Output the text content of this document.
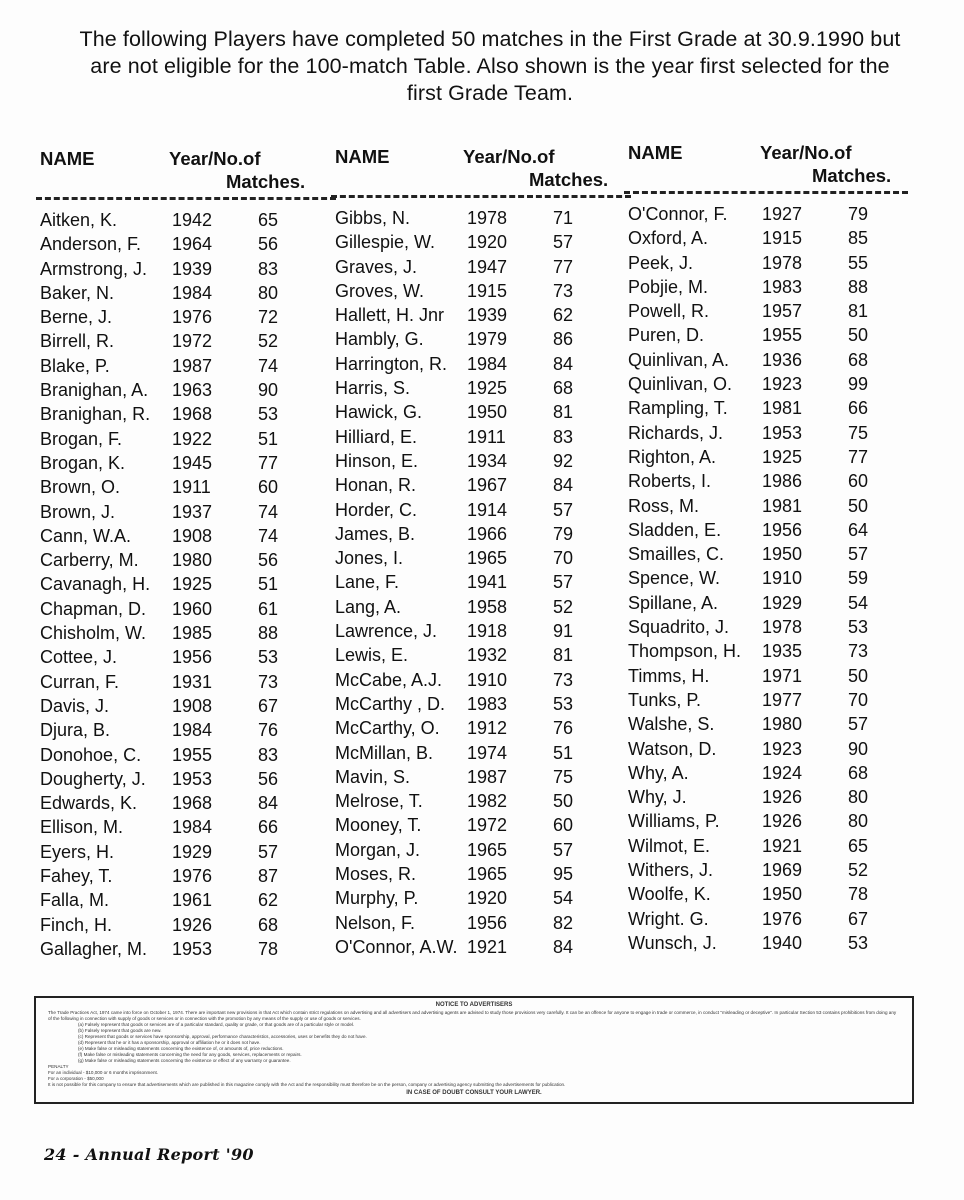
The following Players have completed 50 matches in the First Grade at 30.9.1990 but are not eligible for the 100-match Table. Also shown is the year first selected for the first Grade Team.
NAME	Year/No.of
Matches.
Aitken, K.	1942	65
Anderson, F. 1964	56
Armstrong, J. 1939	83
Baker, N.	1984	80
Berne, J.	1976	72
Birrell, R.	1972	52
Blake, P.	1987	74
Branighan, A. 1963	90
Branighan, R. 1968	53
Brogan, F.	1922	51
Brogan, K.	1945	77
Brown, O.	1911	60
Brown, J.	1937	74
Cann, W.A. 1908	74
Carberry, M. 1980	56
Cavanagh, H. 1925	51
Chapman, D. 1960	61
Chisholm, W. 1985	88
Cottee, J.	1956	53
Curran, F.	1931	73
Davis, J.	1908	67
Djura, B.	1984	76
Donohoe, C. 1955	83
Dougherty, J. 1953	56
Edwards, K. 1968	84
Ellison, M.	1984	66
Eyers, H.	1929	57
Fahey, T.	1976	87
Falla, M.	1961	62
Finch, H.	1926	68
Gallagher, M. 1953	78
NAME	Year/No.of
Matches.
Gibbs, N.	1978	71
Gillespie, W. 1920	57
Graves, J.	1947	77
Groves, W. 1915	73
Hallett, H. Jnr 1939	62
Hambly, G. 1979	86
Harrington, R. 1984	84
Harris, S.	1925	68
Hawick, G. 1950	81
Hilliard, E.	1911	83
Hinson, E.	1934	92
Honan, R.	1967	84
Horder, C.	1914	57
James, B.	1966	79
Jones, I.	1965	70
Lane, F.	1941	57
Lang, A.	1958	52
Lawrence, J. 1918	91
Lewis, E.	1932	81
McCabe, A.J. 1910	73
McCarthy , D. 1983	53
McCarthy, O. 1912	76
McMillan, B. 1974	51
Mavin, S.	1987	75
Melrose, T. 1982	50
Mooney, T.	1972	60
Morgan, J.	1965	57
Moses, R.	1965	95
Murphy, P.	1920	54
Nelson, F.	1956	82
O'Connor, A.W. 1921	84
NAME	Year/No.of
Matches.
O'Connor, F. 1927	79
Oxford, A.	1915	85
Peek, J.	1978	55
Pobjie, M.	1983	88
Powell, R.	1957	81
Puren, D.	1955	50
Quinlivan, A. 1936	68
Quinlivan, O. 1923	99
Rampling, T. 1981	66
Richards, J. 1953	75
Righton, A.	1925	77
Roberts, I.	1986	60
Ross, M.	1981	50
Sladden, E. 1956	64
Smailles, C. 1950	57
Spence, W. 1910	59
Spillane, A. 1929	54
Squadrito, J. 1978	53
Thompson, H. 1935	73
Timms, H.	1971	50
Tunks, P.	1977	70
Walshe, S.	1980	57
Watson, D.	1923	90
Why, A.	1924	68
Why, J.	1926	80
Williams, P. 1926	80
Wilmot, E.	1921	65
Withers, J.	1969	52
Woolfe, K.	1950	78
Wright. G.	1976	67
Wunsch, J.	1940	53
NOTICE TO ADVERTISERS
The Trade Practices Act, 1974 came into force on October 1, 1974. There are important new provisions in that Act which contain strict regulations on advertising and all advertisers and advertising agents are advised to study those provisions very carefully. It can be an offence for anyone to engage in trade or commerce, in conduct "misleading or deceptive". In particular Section 53 contains prohibitions from doing any of the following in connection with supply of goods or services or in connection with the promotion by any means of the supply or use of goods or services.
(a) Falsely represent that goods or services are of a particular standard, quality or grade, or that goods are of a particular style or model.
(b) Falsely represent that goods are new.
(c) Represent that goods or services have sponsorship, approval, performance characteristics, accessories, uses or benefits they do not have.
(d) Represent that he or it has a sponsorship, approval or affiliation he or it does not have.
(e) Make false or misleading statements concerning the existence of, or amounts of, price reductions.
(f) Make false or misleading statements concerning the need for any goods, services, replacements or repairs.
(g) Make false or misleading statements concerning the existence or effect of any warranty or guarantee.
PENALTY
For an individual - $10,000 or 6 months imprisonment.
For a corporation - $50,000
It is not possible for this company to ensure that advertisements which are published in this magazine comply with the Act and the responsibility must therefore be on the person, company or advertising agency submitting the advertisements for publication.
IN CASE OF DOUBT CONSULT YOUR LAWYER.
24 - Annual Report '90
